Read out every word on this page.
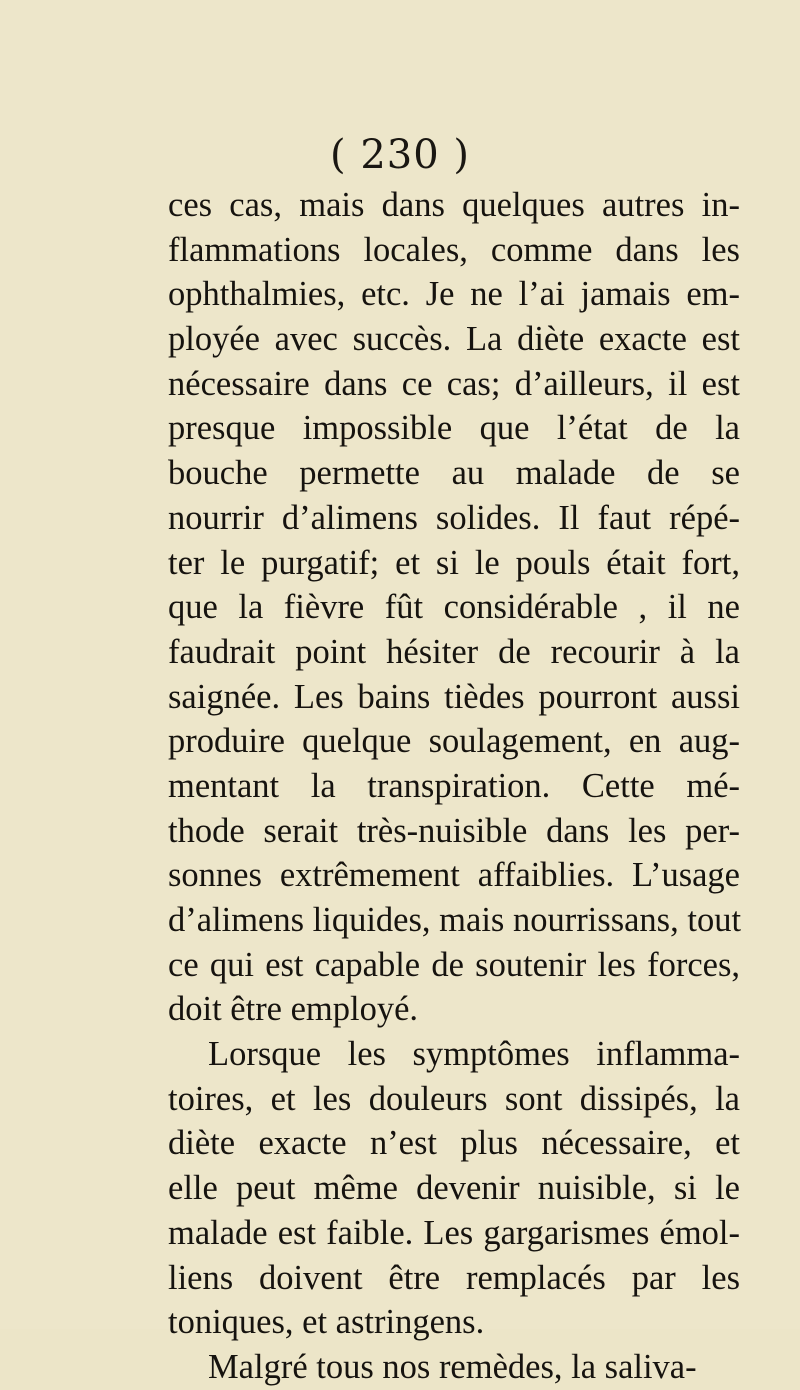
( 230 )
ces cas, mais dans quelques autres in-
flammations locales, comme dans les
ophthalmies, etc. Je ne l’ai jamais em-
ployée avec succès. La diète exacte est
nécessaire dans ce cas; d’ailleurs, il est
presque impossible que l’état de la
bouche permette au malade de se
nourrir d’alimens solides. Il faut répé-
ter le purgatif; et si le pouls était fort,
que la fièvre fût considérable , il ne
faudrait point hésiter de recourir à la
saignée. Les bains tièdes pourront aussi
produire quelque soulagement, en aug-
mentant la transpiration. Cette mé-
thode serait très-nuisible dans les per-
sonnes extrêmement affaiblies. L’usage
d’alimens liquides, mais nourrissans, tout
ce qui est capable de soutenir les forces,
doit être employé.
Lorsque les symptômes inflamma-
toires, et les douleurs sont dissipés, la
diète exacte n’est plus nécessaire, et
elle peut même devenir nuisible, si le
malade est faible. Les gargarismes émol-
liens doivent être remplacés par les
toniques, et astringens.
Malgré tous nos remèdes, la saliva-
